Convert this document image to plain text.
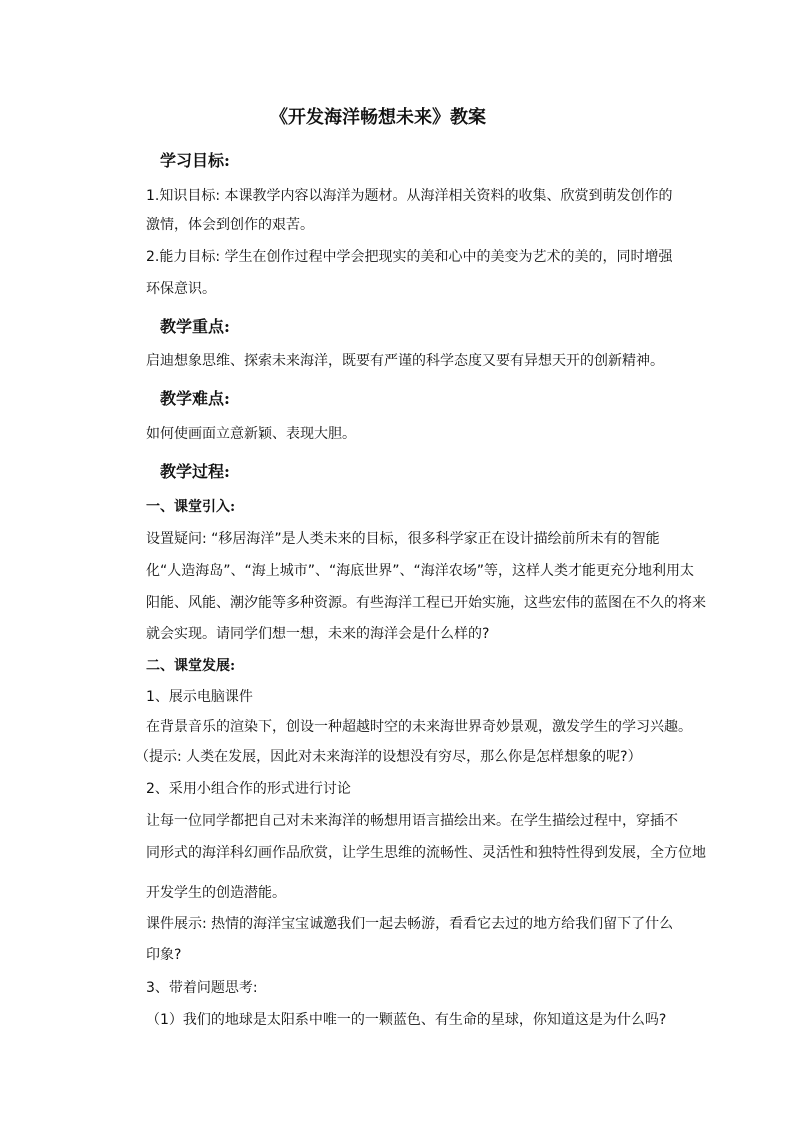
《开发海洋畅想未来》教案
学习目标:
1.知识目标: 本课教学内容以海洋为题材。从海洋相关资料的收集、欣赏到萌发创作的
激情，体会到创作的艰苦。
2.能力目标: 学生在创作过程中学会把现实的美和心中的美变为艺术的美的，同时增强
环保意识。
教学重点:
启迪想象思维、探索未来海洋，既要有严谨的科学态度又要有异想天开的创新精神。
教学难点:
如何使画面立意新颖、表现大胆。
教学过程:
一、课堂引入:
设置疑问: “移居海洋”是人类未来的目标，很多科学家正在设计描绘前所未有的智能
化“人造海岛”、“海上城市”、“海底世界”、“海洋农场”等，这样人类才能更充分地利用太
阳能、风能、潮汐能等多种资源。有些海洋工程已开始实施，这些宏伟的蓝图在不久的将来
就会实现。请同学们想一想，未来的海洋会是什么样的?
二、课堂发展:
1、展示电脑课件
在背景音乐的渲染下，创设一种超越时空的未来海世界奇妙景观，激发学生的学习兴趣。
（提示: 人类在发展，因此对未来海洋的设想没有穷尽，那么你是怎样想象的呢?）
2、采用小组合作的形式进行讨论
让每一位同学都把自己对未来海洋的畅想用语言描绘出来。在学生描绘过程中，穿插不
同形式的海洋科幻画作品欣赏，让学生思维的流畅性、灵活性和独特性得到发展，全方位地
开发学生的创造潜能。
课件展示: 热情的海洋宝宝诚邀我们一起去畅游，看看它去过的地方给我们留下了什么
印象?
3、带着问题思考:
（1）我们的地球是太阳系中唯一的一颗蓝色、有生命的星球，你知道这是为什么吗?
